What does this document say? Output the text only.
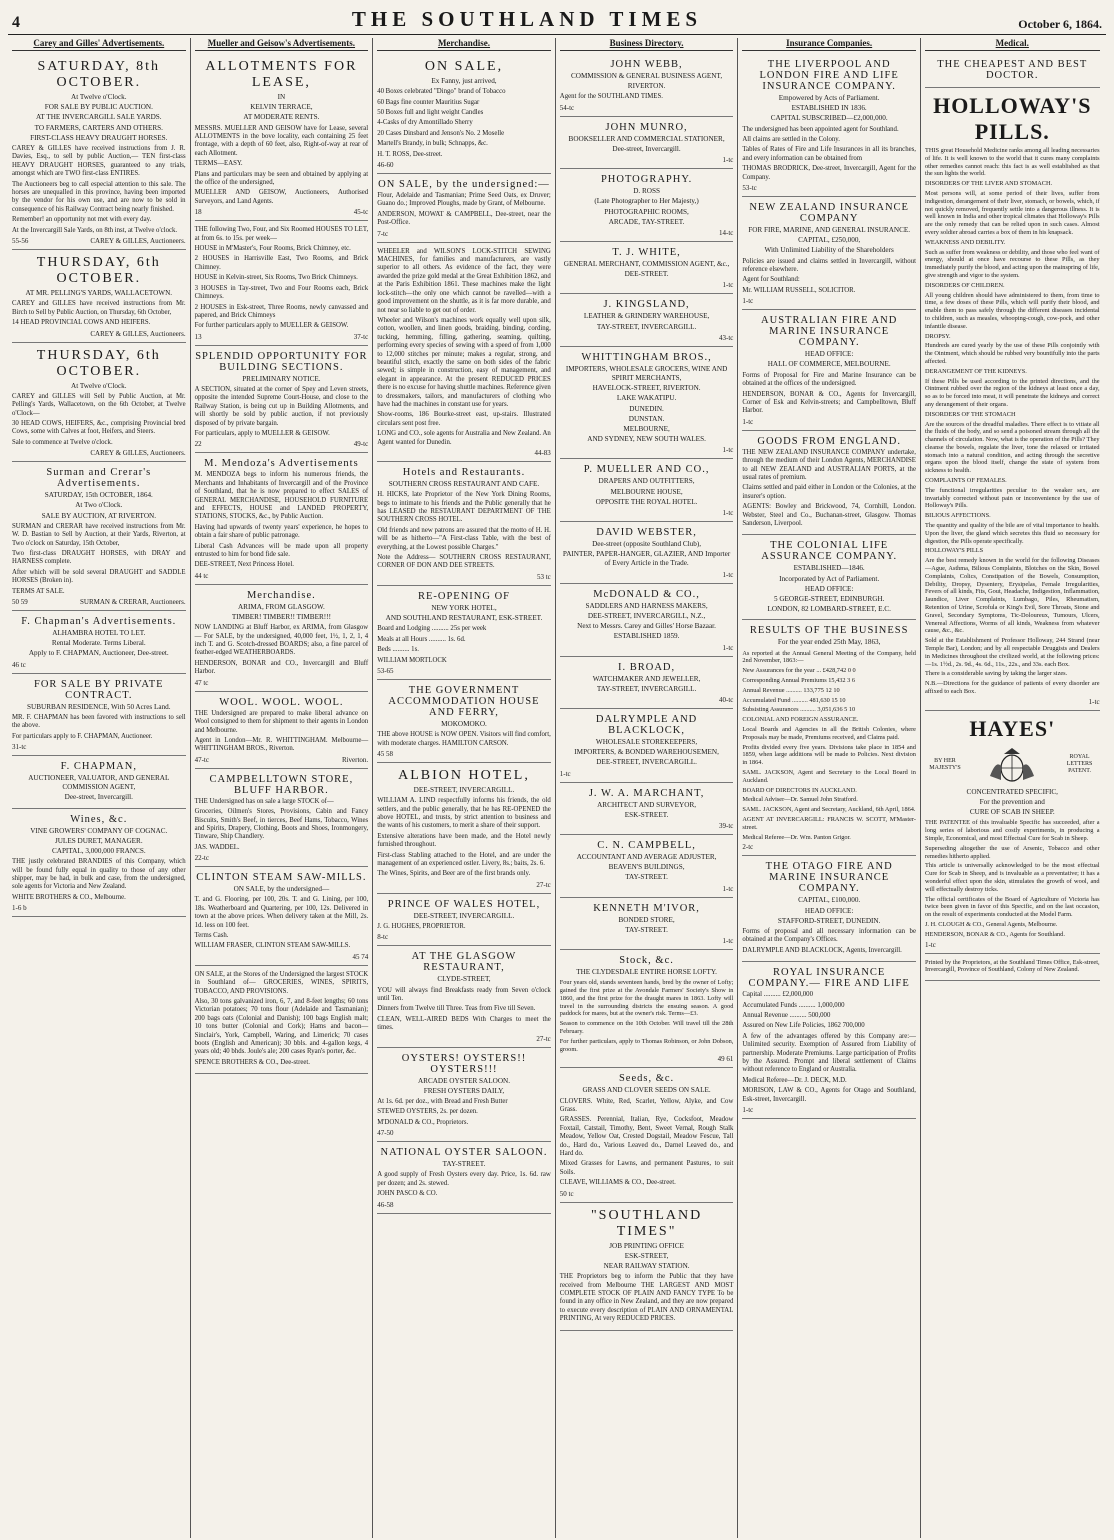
4	THE SOUTHLAND TIMES	October 6, 1864.
Carey and Gilles' Advertisements.
SATURDAY, 8th OCTOBER.
At Twelve o'Clock.
FOR SALE BY PUBLIC AUCTION.
AT THE INVERCARGILL SALE YARDS.
TO FARMERS, CARTERS AND OTHERS.
FIRST-CLASS HEAVY DRAUGHT HORSES.
CAREY & GILLES have received instructions from J. R. Davies, Esq., to sell by public Auction,— TEN first-class HEAVY DRAUGHT HORSES, guaranteed to any trials, amongst which are TWO first-class ENTIRES.
The Auctioneers beg to call especial attention to this sale. The horses are unequalled in this province, having been imported by the vendor for his own use, and are now to be sold in consequence of his Railway Contract being nearly finished.
Remember! an opportunity not met with every day.
At the Invercargill Sale Yards, on 8th inst, at Twelve o'clock.
55-56	CAREY & GILLES, Auctioneers.
THURSDAY, 6th OCTOBER.
AT MR. PELLING'S YARDS, WALLACETOWN.
CAREY and GILLES have received instructions from Mr. Birch to Sell by Public Auction, on Thursday, 6th October,
14 HEAD PROVINCIAL COWS AND HEIFERS.
CAREY & GILLES, Auctioneers.
THURSDAY, 6th OCTOBER.
At Twelve o'Clock.
CAREY and GILLES will Sell by Public Auction, at Mr. Pelling's Yards, Wallacetown, on the 6th October, at Twelve o'Clock—
30 HEAD COWS, HEIFERS, &c., comprising Provincial bred Cows, some with Calves at foot, Heifers, and Steers.
Sale to commence at Twelve o'clock.
CAREY & GILLES, Auctioneers.
Surman and Crerar's Advertisements.
SATURDAY, 15th OCTOBER, 1864.
At Two o'Clock.
SALE BY AUCTION, AT RIVERTON.
SURMAN and CRERAR have received instructions from Mr. W. D. Bastian to Sell by Auction, at their Yards, Riverton, at Two o'clock on Saturday, 15th October,
Two first-class DRAUGHT HORSES, with DRAY and HARNESS complete.
After which will be sold several DRAUGHT and SADDLE HORSES (Broken in).
TERMS AT SALE.
50 59	SURMAN & CRERAR, Auctioneers.
F. Chapman's Advertisements.
ALHAMBRA HOTEL TO LET.
Rental Moderate. Terms Liberal.
Apply to F. CHAPMAN, Auctioneer, Dee-street.
46 tc
FOR SALE BY PRIVATE CONTRACT.
SUBURBAN RESIDENCE, With 50 Acres Land.
MR. F. CHAPMAN has been favored with instructions to sell the above.
For particulars apply to F. CHAPMAN, Auctioneer.
31-tc
F. CHAPMAN,
AUCTIONEER, VALUATOR, AND GENERAL COMMISSION AGENT,
Dee-street, Invercargill.
Wines, &c.
VINE GROWERS' COMPANY OF COGNAC.
JULES DURET, MANAGER.
CAPITAL, 3,000,000 FRANCS.
THE justly celebrated BRANDIES of this Company, which will be found fully equal in quality to those of any other shipper, may be had, in bulk and case, from the undersigned, sole agents for Victoria and New Zealand.
WHITE BROTHERS & CO., Melbourne.
1-6 b
Mueller and Geisow's Advertisements.
ALLOTMENTS FOR LEASE,
IN
KELVIN TERRACE,
AT MODERATE RENTS.
MESSRS. MUELLER AND GEISOW have for Lease, several ALLOTMENTS in the bove locality, each containing 25 feet frontage, with a depth of 60 feet, also, Right-of-way at rear of each Allotment.
TERMS—EASY.
Plans and particulars may be seen and obtained by applying at the office of the undersigned,
MUELLER AND GEISOW, Auctioneers, Authorised Surveyors, and Land Agents.
18	45-tc
THE following Two, Four, and Six Roomed HOUSES TO LET, at from 6s. to 15s. per week—
HOUSE in M'Master's, Four Rooms, Brick Chimney, etc.
2 HOUSES in Harrisville East, Two Rooms, and Brick Chimney.
HOUSE in Kelvin-street, Six Rooms, Two Brick Chimneys.
3 HOUSES in Tay-street, Two and Four Rooms each, Brick Chimneys.
2 HOUSES in Esk-street, Three Rooms, newly canvassed and papered, and Brick Chimneys
For further particulars apply to MUELLER & GEISOW.
13	37-tc
SPLENDID OPPORTUNITY FOR BUILDING SECTIONS.
PRELIMINARY NOTICE.
A SECTION, situated at the corner of Spey and Leven streets, opposite the intended Supreme Court-House, and close to the Railway Station, is being cut up in Building Allotments, and will shortly be sold by public auction, if not previously disposed of by private bargain.
For particulars, apply to MUELLER & GEISOW.
22	49-tc
M. Mendoza's Advertisements
M. MENDOZA begs to inform his numerous friends, the Merchants and Inhabitants of Invercargill and of the Province of Southland, that he is now prepared to effect SALES of GENERAL MERCHANDISE, HOUSEHOLD FURNITURE and EFFECTS, HOUSE and LANDED PROPERTY, STATIONS, STOCKS, &c., by Public Auction.
Having had upwards of twenty years' experience, he hopes to obtain a fair share of public patronage.
Liberal Cash Advances will be made upon all property entrusted to him for bond fide sale.
DEE-STREET, Next Princess Hotel.
44 tc
Merchandise.
ARIMA, FROM GLASGOW.
TIMBER! TIMBER!! TIMBER!!!
NOW LANDING at Bluff Harbor, ex ARIMA, from Glasgow— For SALE, by the undersigned, 40,000 feet, 1½, 1, 2, 1, 4 inch T. and G. Scotch-dressed BOARDS; also, a fine parcel of feather-edged WEATHERBOARDS.
HENDERSON, BONAR and CO., Invercargill and Bluff Harbor.
47 tc
WOOL. WOOL. WOOL.
THE Undersigned are prepared to make liberal advance on Wool consigned to them for shipment to their agents in London and Melbourne.
Agent in London—Mr. R. WHITTINGHAM. Melbourne—WHITTINGHAM BROS., Riverton.
47-tc	Riverton.
CAMPBELLTOWN STORE, BLUFF HARBOR.
THE Undersigned has on sale a large STOCK of—
Groceries, Oilmen's Stores, Provisions, Cabin and Fancy Biscuits, Smith's Beef, in tierces, Beef Hams, Tobacco, Wines and Spirits, Drapery, Clothing, Boots and Shoes, Ironmongery, Tinware, Ship Chandlery.
JAS. WADDEL.
22-tc
CLINTON STEAM SAW-MILLS.
ON SALE, by the undersigned—
T. and G. Flooring, per 100, 20s. T. and G. Lining, per 100, 18s. Weatherboard and Quartering, per 100, 12s. Delivered in town at the above prices. When delivery taken at the Mill, 2s. 1d. less on 100 feet.
Terms Cash.
WILLIAM FRASER, CLINTON STEAM SAW-MILLS.
45 74
ON SALE, at the Stores of the Undersigned the largest STOCK in Southland of— GROCERIES, WINES, SPIRITS, TOBACCO, AND PROVISIONS.
Also, 30 tons galvanized iron, 6, 7, and 8-feet lengths; 60 tons Victorian potatoes; 70 tons flour (Adelaide and Tasmanian); 200 bags oats (Colonial and Danish); 100 bags English malt; 10 tons butter (Colonial and Cork); Hams and bacon—Sinclair's, York, Campbell, Waring, and Limerick; 70 cases boots (English and American); 30 bbls. and 4-gallon kegs, 4 years old; 40 bhds. Joule's ale; 200 cases Ryan's porter, &c.
SPENCE BROTHERS & CO., Dee-street.
Merchandise.
ON SALE,
Ex Fanny, just arrived,
40 Boxes celebrated "Dingo" brand of Tobacco
60 Bags fine counter Mauritius Sugar
50 Boxes full and light weight Candles
4-Casks of dry Amontillado Sherry
20 Cases Dinsbard and Jenson's No. 2 Moselle
Martell's Brandy, in bulk; Schnapps, &c.
H. T. ROSS, Dee-street.
46-60
ON SALE, by the undersigned:—
Flour, Adelaide and Tasmanian; Prime Seed Oats, ex Druver; Guano do.; Improved Ploughs, made by Grant, of Melbourne.
ANDERSON, MOWAT & CAMPBELL, Dee-street, near the Post-Office.
7-tc
WHEELER and WILSON'S LOCK-STITCH SEWING MACHINES, for families and manufacturers, are vastly superior to all others. As evidence of the fact, they were awarded the prize gold medal at the Great Exhibition 1862, and at the Paris Exhibition 1861. These machines make the light lock-stitch—the only one which cannot be ravelled—with a good improvement on the shuttle, as it is far more durable, and not near so liable to get out of order.
Wheeler and Wilson's machines work equally well upon silk, cotton, woollen, and linen goods, braiding, binding, cording, tucking, hemming, filling, gathering, seaming, quilting, performing every species of sewing with a speed of from 1,000 to 12,000 stitches per minute; makes a regular, strong, and beautiful stitch, exactly the same on both sides of the fabric sewed; is simple in construction, easy of management, and elegant in appearance. At the present REDUCED PRICES there is no excuse for having shuttle machines. Reference given to dressmakers, tailors, and manufacturers of clothing who have had the machines in constant use for years.
Show-rooms, 186 Bourke-street east, up-stairs. Illustrated circulars sent post free.
LONG and CO., sole agents for Australia and New Zealand. An Agent wanted for Dunedin.
44-83
Hotels and Restaurants.
SOUTHERN CROSS RESTAURANT AND CAFE.
H. HICKS, late Proprietor of the New York Dining Rooms, begs to intimate to his friends and the Public generally that he has LEASED the RESTAURANT DEPARTMENT OF THE SOUTHERN CROSS HOTEL.
Old friends and new patrons are assured that the motto of H. H. will be as hitherto—"A First-class Table, with the best of everything, at the Lowest possible Charges."
Note the Address— SOUTHERN CROSS RESTAURANT, CORNER OF DON AND DEE STREETS.
53 tc
RE-OPENING OF
NEW YORK HOTEL,
AND SOUTHLAND RESTAURANT, ESK-STREET.
Board and Lodging .......... 25s per week
Meals at all Hours .......... 1s. 6d.
Beds .......... 1s.
WILLIAM MORTLOCK
53-65
THE GOVERNMENT ACCOMMODATION HOUSE AND FERRY,
MOKOMOKO.
THE above HOUSE is NOW OPEN. Visitors will find comfort, with moderate charges. HAMILTON CARSON.
45 58
ALBION HOTEL,
DEE-STREET, INVERCARGILL.
WILLIAM A. LIND respectfully informs his friends, the old settlers, and the public generally, that he has RE-OPENED the above HOTEL, and trusts, by strict attention to business and the wants of his customers, to merit a share of their support.
Extensive alterations have been made, and the Hotel newly furnished throughout.
First-class Stabling attached to the Hotel, and are under the management of an experienced ostler. Livery, 8s.; baits, 2s. 6.
The Wines, Spirits, and Beer are of the first brands only.
27-tc
PRINCE OF WALES HOTEL,
DEE-STREET, INVERCARGILL.
J. G. HUGHES, PROPRIETOR.
8-tc
AT THE GLASGOW RESTAURANT,
CLYDE-STREET,
YOU will always find Breakfasts ready from Seven o'clock until Ten.
Dinners from Twelve till Three. Teas from Five till Seven.
CLEAN, WELL-AIRED BEDS With Charges to meet the times.
27-tc
OYSTERS! OYSTERS!! OYSTERS!!!
ARCADE OYSTER SALOON.
FRESH OYSTERS DAILY,
At 1s. 6d. per doz., with Bread and Fresh Butter
STEWED OYSTERS, 2s. per dozen.
M'DONALD & CO., Proprietors.
47-50
NATIONAL OYSTER SALOON.
TAY-STREET.
A good supply of Fresh Oysters every day. Price, 1s. 6d. raw per dozen; and 2s. stewed.
JOHN PASCO & CO.
46-58
Business Directory.
JOHN WEBB,
COMMISSION & GENERAL BUSINESS AGENT,
RIVERTON.
Agent for the SOUTHLAND TIMES.
54-tc
JOHN MUNRO,
BOOKSELLER AND COMMERCIAL STATIONER,
Dee-street, Invercargill.
1-tc
PHOTOGRAPHY.
D. ROSS
(Late Photographer to Her Majesty,)
PHOTOGRAPHIC ROOMS,
ARCADE, TAY-STREET.
14-tc
T. J. WHITE,
GENERAL MERCHANT, COMMISSION AGENT, &c.,
DEE-STREET.
1-tc
J. KINGSLAND,
LEATHER & GRINDERY WAREHOUSE,
TAY-STREET, INVERCARGILL.
43-tc
WHITTINGHAM BROS.,
IMPORTERS, WHOLESALE GROCERS, WINE AND SPIRIT MERCHANTS,
HAVELOCK-STREET, RIVERTON.
LAKE WAKATIPU.
DUNEDIN.
DUNSTAN.
MELBOURNE,
AND SYDNEY, NEW SOUTH WALES.
1-tc
P. MUELLER AND CO.,
DRAPERS AND OUTFITTERS,
MELBOURNE HOUSE,
OPPOSITE THE ROYAL HOTEL.
1-tc
DAVID WEBSTER,
Dee-street (opposite Southland Club),
PAINTER, PAPER-HANGER, GLAZIER, AND Importer of Every Article in the Trade.
1-tc
McDONALD & CO.,
SADDLERS AND HARNESS MAKERS,
DEE-STREET, INVERCARGILL, N.Z.,
Next to Messrs. Carey and Gilles' Horse Bazaar.
ESTABLISHED 1859.
1-tc
I. BROAD,
WATCHMAKER AND JEWELLER,
TAY-STREET, INVERCARGILL.
40-tc
DALRYMPLE AND BLACKLOCK,
WHOLESALE STOREKEEPERS,
IMPORTERS, & BONDED WAREHOUSEMEN,
DEE-STREET, INVERCARGILL.
1-tc
J. W. A. MARCHANT,
ARCHITECT AND SURVEYOR,
ESK-STREET.
39-tc
C. N. CAMPBELL,
ACCOUNTANT AND AVERAGE ADJUSTER,
BEAVEN'S BUILDINGS,
TAY-STREET.
1-tc
KENNETH M'IVOR,
BONDED STORE,
TAY-STREET.
1-tc
Stock, &c.
THE CLYDESDALE ENTIRE HORSE LOFTY.
Four years old, stands seventeen hands, bred by the owner of Lofty; gained the first prize at the Avondale Farmers' Society's Show in 1860, and the first prize for the draught mares in 1863. Lofty will travel in the surrounding districts the ensuing season. A good paddock for mares, but at the owner's risk. Terms—£3.
Season to commence on the 10th October. Will travel till the 28th February.
For further particulars, apply to Thomas Robinson, or John Dobson, groom.
49 61
Seeds, &c.
GRASS AND CLOVER SEEDS ON SALE.
CLOVERS. White, Red, Scarlet, Yellow, Alyke, and Cow Grass.
GRASSES. Perennial, Italian, Rye, Cocksfoot, Meadow Foxtail, Catstail, Timothy, Bent, Sweet Vernal, Rough Stalk Meadow, Yellow Oat, Crested Dogstail, Meadow Fescue, Tall do., Hard do., Various Leaved do., Darnel Leaved do., and Hard do.
Mixed Grasses for Lawns, and permanent Pastures, to suit Soils.
CLEAVE, WILLIAMS & CO., Dee-street.
50 tc
"SOUTHLAND TIMES"
JOB PRINTING OFFICE
ESK-STREET,
NEAR RAILWAY STATION.
THE Proprietors beg to inform the Public that they have received from Melbourne THE LARGEST AND MOST COMPLETE STOCK OF PLAIN AND FANCY TYPE To be found in any office in New Zealand, and they are now prepared to execute every description of PLAIN AND ORNAMENTAL PRINTING, At very REDUCED PRICES.
Insurance Companies.
THE LIVERPOOL AND LONDON FIRE AND LIFE INSURANCE COMPANY.
Empowered by Acts of Parliament.
ESTABLISHED IN 1836.
CAPITAL SUBSCRIBED—£2,000,000.
The undersigned has been appointed agent for Southland.
All claims are settled in the Colony.
Tables of Rates of Fire and Life Insurances in all its branches, and every information can be obtained from
THOMAS BRODRICK, Dee-street, Invercargill, Agent for the Company.
53-tc
NEW ZEALAND INSURANCE COMPANY
FOR FIRE, MARINE, AND GENERAL INSURANCE.
CAPITAL, £250,000,
With Unlimited Liability of the Shareholders
Policies are issued and claims settled in Invercargill, without reference elsewhere.
Agent for Southland:
Mr. WILLIAM RUSSELL, SOLICITOR.
1-tc
AUSTRALIAN FIRE AND MARINE INSURANCE COMPANY.
HEAD OFFICE:
HALL OF COMMERCE, MELBOURNE.
Forms of Proposal for Fire and Marine Insurance can be obtained at the offices of the undersigned.
HENDERSON, BONAR & CO., Agents for Invercargill, Corner of Esk and Kelvin-streets; and Campbelltown, Bluff Harbor.
1-tc
GOODS FROM ENGLAND.
THE NEW ZEALAND INSURANCE COMPANY undertake, through the medium of their London Agents, MERCHANDISE to all NEW ZEALAND and AUSTRALIAN PORTS, at the usual rates of premium.
Claims settled and paid either in London or the Colonies, at the insurer's option.
AGENTS: Bowley and Brickwood, 74, Cornhill, London. Webster, Steel and Co., Buchanan-street, Glasgow. Thomas Sanderson, Liverpool.
THE COLONIAL LIFE ASSURANCE COMPANY.
ESTABLISHED—1846.
Incorporated by Act of Parliament.
HEAD OFFICE:
5 GEORGE-STREET, EDINBURGH.
LONDON, 82 LOMBARD-STREET, E.C.
RESULTS OF THE BUSINESS
For the year ended 25th May, 1863,
As reported at the Annual General Meeting of the Company, held 2nd November, 1863:—
New Assurances for the year ... £428,742 0 0
Corresponding Annual Premiums 15,432 3 6
Annual Revenue .......... 133,775 12 10
Accumulated Fund .......... 481,630 15 10
Subsisting Assurances .......... 3,051,636 5 10
COLONIAL AND FOREIGN ASSURANCE.
Local Boards and Agencies in all the British Colonies, where Proposals may be made, Premiums received, and Claims paid.
Profits divided every five years. Divisions take place in 1854 and 1859, when large additions will be made to Policies. Next division in 1864.
SAML. JACKSON, Agent and Secretary to the Local Board in Auckland.
BOARD OF DIRECTORS IN AUCKLAND.
Medical Adviser—Dr. Samuel John Stratford.
SAML. JACKSON, Agent and Secretary, Auckland, 6th April, 1864.
AGENT AT INVERCARGILL: FRANCIS W. SCOTT, M'Master-street.
Medical Referee—Dr. Wm. Panton Grigor.
2-tc
THE OTAGO FIRE AND MARINE INSURANCE COMPANY.
CAPITAL, £100,000.
HEAD OFFICE:
STAFFORD-STREET, DUNEDIN.
Forms of proposal and all necessary information can be obtained at the Company's Offices.
DALRYMPLE AND BLACKLOCK, Agents, Invercargill.
ROYAL INSURANCE COMPANY.— FIRE AND LIFE
Capital .......... £2,000,000
Accumulated Funds .......... 1,000,000
Annual Revenue .......... 500,000
Assured on New Life Policies, 1862 700,000
A few of the advantages offered by this Company are:— Unlimited security. Exemption of Assured from Liability of partnership. Moderate Premiums. Large participation of Profits by the Assured. Prompt and liberal settlement of Claims without reference to England or Australia.
Medical Referee—Dr. J. DECK, M.D.
MORISON, LAW & CO., Agents for Otago and Southland, Esk-street, Invercargill.
1-tc
Medical.
THE CHEAPEST AND BEST DOCTOR.
HOLLOWAY'S PILLS.
THIS great Household Medicine ranks among all leading necessaries of life. It is well known to the world that it cures many complaints other remedies cannot reach: this fact is as well established as that the sun lights the world.
DISORDERS OF THE LIVER AND STOMACH.
Most persons will, at some period of their lives, suffer from indigestion, derangement of their liver, stomach, or bowels, which, if not quickly removed, frequently settle into a dangerous illness. It is well known in India and other tropical climates that Holloway's Pills are the only remedy that can be relied upon in such cases. Almost every soldier abroad carries a box of them in his knapsack.
WEAKNESS AND DEBILITY.
Such as suffer from weakness or debility, and those who feel want of energy, should at once have recourse to these Pills, as they immediately purify the blood, and acting upon the mainspring of life, give strength and vigor to the system.
DISORDERS OF CHILDREN.
All young children should have administered to them, from time to time, a few doses of these Pills, which will purify their blood, and enable them to pass safely through the different diseases incidental to children, such as measles, whooping-cough, cow-pock, and other infantile disease.
DROPSY.
Hundreds are cured yearly by the use of these Pills conjointly with the Ointment, which should be rubbed very bountifully into the parts affected.
DERANGEMENT OF THE KIDNEYS.
If these Pills be used according to the printed directions, and the Ointment rubbed over the region of the kidneys at least once a day, so as to be forced into meat, it will penetrate the kidneys and correct any derangement of their organs.
DISORDERS OF THE STOMACH
Are the sources of the dreadful maladies. There effect is to vitiate all the fluids of the body, and so send a poisoned stream through all the channels of circulation. Now, what is the operation of the Pills? They cleanse the bowels, regulate the liver, tone the relaxed or irritated stomach into a natural condition, and acting through the secretive organs upon the blood itself, change the state of system from sickness to health.
COMPLAINTS OF FEMALES.
The functional irregularities peculiar to the weaker sex, are invariably corrected without pain or inconvenience by the use of Holloway's Pills.
BILIOUS AFFECTIONS.
The quantity and quality of the bile are of vital importance to health. Upon the liver, the gland which secretes this fluid so necessary for digestion, the Pills operate specifically.
HOLLOWAY'S PILLS
Are the best remedy known in the world for the following Diseases—Ague, Asthma, Bilious Complaints, Blotches on the Skin, Bowel Complaints, Colics, Constipation of the Bowels, Consumption, Debility, Dropsy, Dysentery, Erysipelas, Female Irregularities, Fevers of all kinds, Fits, Gout, Headache, Indigestion, Inflammation, Jaundice, Liver Complaints, Lumbago, Piles, Rheumatism, Retention of Urine, Scrofula or King's Evil, Sore Throats, Stone and Gravel, Secondary Symptoms, Tic-Doloureux, Tumours, Ulcers, Venereal Affections, Worms of all kinds, Weakness from whatever cause, &c., &c.
Sold at the Establishment of Professor Holloway, 244 Strand (near Temple Bar), London; and by all respectable Druggists and Dealers in Medicines throughout the civilized world, at the following prices:—1s. 1½d., 2s. 9d., 4s. 6d., 11s., 22s., and 33s. each Box.
There is a considerable saving by taking the larger sizes.
N.B.—Directions for the guidance of patients of every disorder are affixed to each Box.
1-tc
HAYES'
BY HER MAJESTY'S
ROYAL LETTERS PATENT.
CONCENTRATED SPECIFIC,
For the prevention and
CURE OF SCAB IN SHEEP.
THE PATENTEE of this invaluable Specific has succeeded, after a long series of laborious and costly experiments, in producing a Simple, Economical, and most Effectual Cure for Scab in Sheep.
Superseding altogether the use of Arsenic, Tobacco and other remedies hitherto applied.
This article is universally acknowledged to be the most effectual Cure for Scab in Sheep, and is invaluable as a preventative; it has a wonderful effect upon the skin, stimulates the growth of wool, and will effectually destroy ticks.
The official certificates of the Board of Agriculture of Victoria has twice been given in favor of this Specific, and on the last occasion, on the result of experiments conducted at the Model Farm.
J. H. CLOUGH & CO., General Agents, Melbourne.
HENDERSON, BONAR & CO., Agents for Southland.
1-tc
Printed by the Proprietors, at the Southland Times Office, Esk-street, Invercargill, Province of Southland, Colony of New Zealand.
